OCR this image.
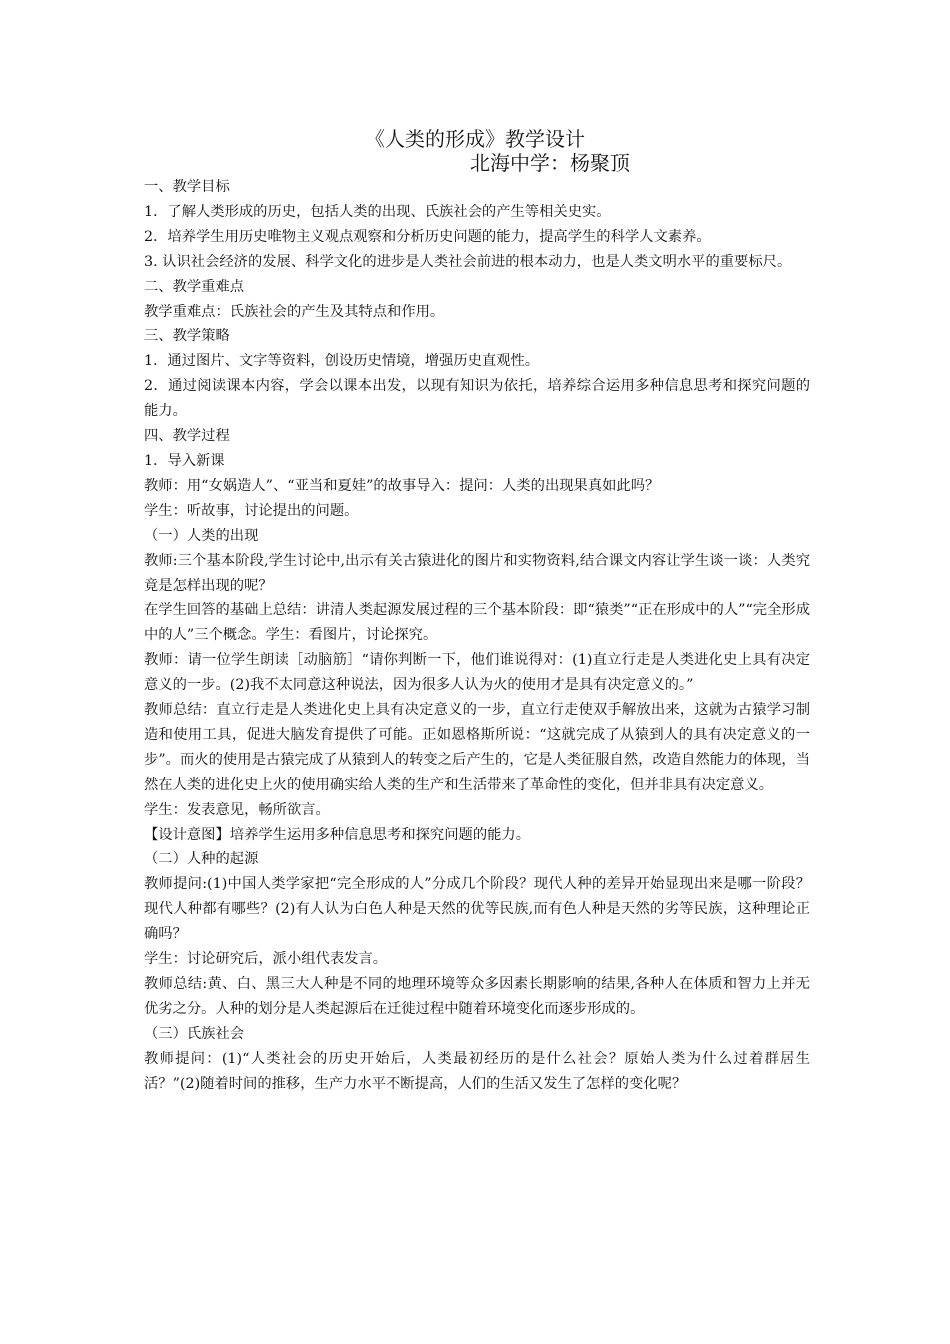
《人类的形成》教学设计
北海中学：杨聚顶

一、教学目标

1．了解人类形成的历史，包括人类的出现、氏族社会的产生等相关史实。

2．培养学生用历史唯物主义观点观察和分析历史问题的能力，提高学生的科学人文素养。

3. 认识社会经济的发展、科学文化的进步是人类社会前进的根本动力，也是人类文明水平的重要标尺。

二、教学重难点

教学重难点：氏族社会的产生及其特点和作用。

三、教学策略

1．通过图片、文字等资料，创设历史情境，增强历史直观性。

2．通过阅读课本内容，学会以课本出发，以现有知识为依托，培养综合运用多种信息思考和探究问题的能力。

四、教学过程

1．导入新课

教师：用“女娲造人”、“亚当和夏娃”的故事导入：提问：人类的出现果真如此吗？

学生：听故事，讨论提出的问题。

（一）人类的出现

教师:三个基本阶段,学生讨论中,出示有关古猿进化的图片和实物资料,结合课文内容让学生谈一谈：人类究竟是怎样出现的呢？

在学生回答的基础上总结：讲清人类起源发展过程的三个基本阶段：即“猿类”“正在形成中的人”“完全形成中的人”三个概念。学生：看图片，讨论探究。

教师：请一位学生朗读［动脑筋］“请你判断一下，他们谁说得对：(1)直立行走是人类进化史上具有决定意义的一步。(2)我不太同意这种说法，因为很多人认为火的使用才是具有决定意义的。”

教师总结：直立行走是人类进化史上具有决定意义的一步，直立行走使双手解放出来，这就为古猿学习制造和使用工具，促进大脑发育提供了可能。正如恩格斯所说：“这就完成了从猿到人的具有决定意义的一步”。而火的使用是古猿完成了从猿到人的转变之后产生的，它是人类征服自然，改造自然能力的体现，当然在人类的进化史上火的使用确实给人类的生产和生活带来了革命性的变化，但并非具有决定意义。

学生：发表意见，畅所欲言。

【设计意图】培养学生运用多种信息思考和探究问题的能力。

（二）人种的起源

教师提问:(1)中国人类学家把“完全形成的人”分成几个阶段？现代人种的差异开始显现出来是哪一阶段？现代人种都有哪些？(2)有人认为白色人种是天然的优等民族,而有色人种是天然的劣等民族，这种理论正确吗？

学生：讨论研究后，派小组代表发言。

教师总结:黄、白、黑三大人种是不同的地理环境等众多因素长期影响的结果,各种人在体质和智力上并无优劣之分。人种的划分是人类起源后在迁徙过程中随着环境变化而逐步形成的。

（三）氏族社会

教师提问：(1)“人类社会的历史开始后，人类最初经历的是什么社会？原始人类为什么过着群居生活？”(2)随着时间的推移，生产力水平不断提高，人们的生活又发生了怎样的变化呢？
